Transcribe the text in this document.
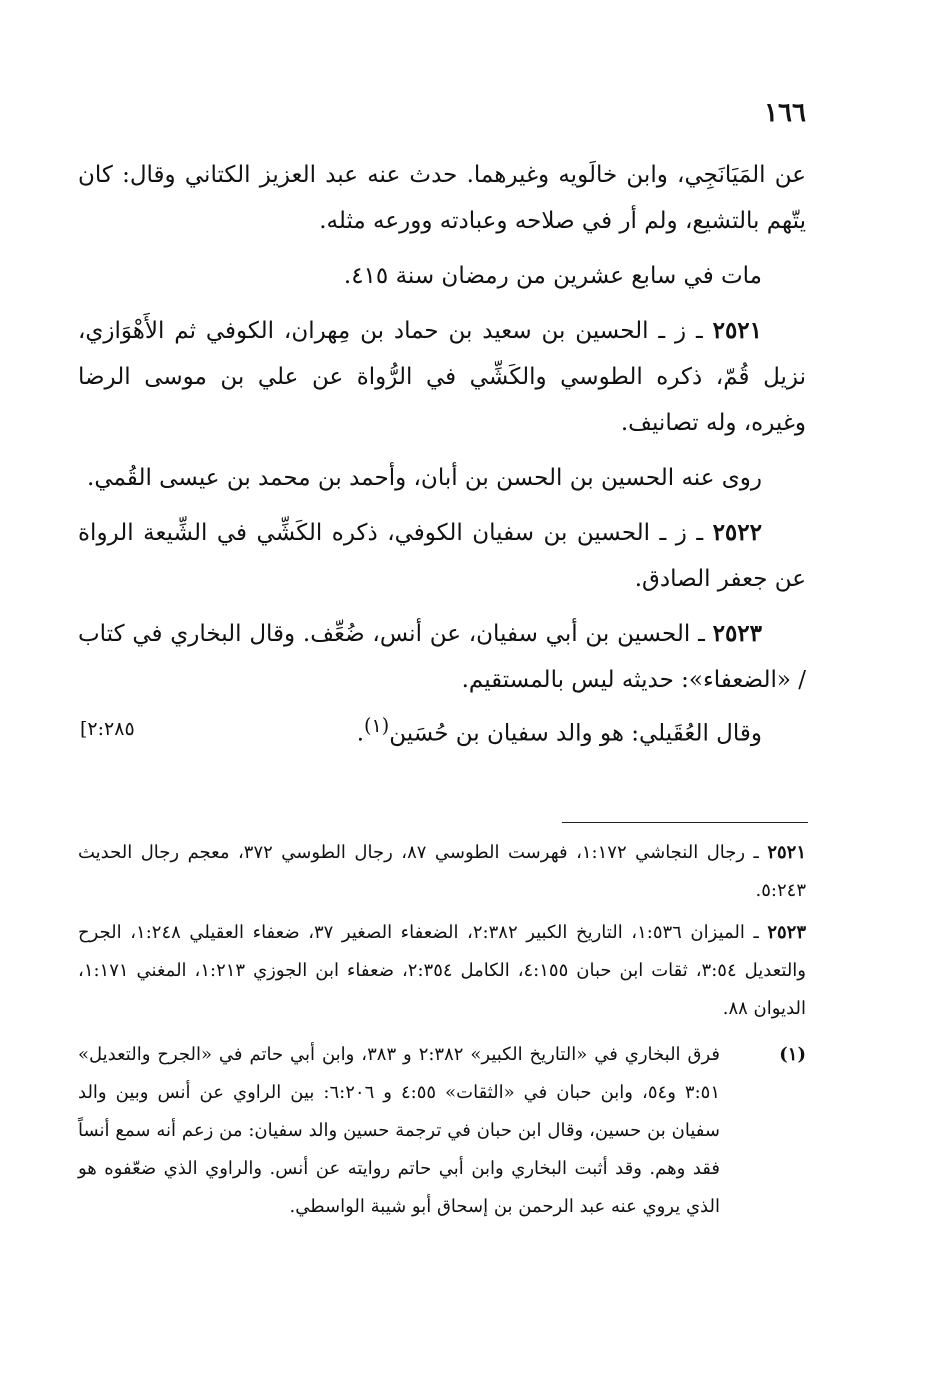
١٦٦

عن المَيَانَجِي، وابن خالَويه وغيرهما. حدث عنه عبد العزيز الكتاني وقال: كان يتّهم بالتشيع، ولم أر في صلاحه وعبادته وورعه مثله.

مات في سابع عشرين من رمضان سنة ٤١٥.

٢٥٢١ ـ ز ـ الحسين بن سعيد بن حماد بن مِهران، الكوفي ثم الأَهْوَازي، نزيل قُمّ، ذكره الطوسي والكَشِّي في الرُّواة عن علي بن موسى الرضا وغيره، وله تصانيف.

روى عنه الحسين بن الحسن بن أبان، وأحمد بن محمد بن عيسى القُمي.

٢٥٢٢ ـ ز ـ الحسين بن سفيان الكوفي، ذكره الكَشِّي في الشِّيعة الرواة عن جعفر الصادق.

٢٥٢٣ ـ الحسين بن أبي سفيان، عن أنس، ضُعِّف. وقال البخاري في كتاب / «الضعفاء»: حديثه ليس بالمستقيم.

وقال العُقَيلي: هو والد سفيان بن حُسَين$^{(١)}$.

[٢:٢٨٥

٢٥٢١ ـ رجال النجاشي ١:١٧٢، فهرست الطوسي ٨٧، رجال الطوسي ٣٧٢، معجم رجال الحديث ٥:٢٤٣.

٢٥٢٣ ـ الميزان ١:٥٣٦، التاريخ الكبير ٢:٣٨٢، الضعفاء الصغير ٣٧، ضعفاء العقيلي ١:٢٤٨، الجرح والتعديل ٣:٥٤، ثقات ابن حبان ٤:١٥٥، الكامل ٢:٣٥٤، ضعفاء ابن الجوزي ١:٢١٣، المغني ١:١٧١، الديوان ٨٨.

(١)
فرق البخاري في «التاريخ الكبير» ٢:٣٨٢ و ٣٨٣، وابن أبي حاتم في «الجرح والتعديل» ٣:٥١ و٥٤، وابن حبان في «الثقات» ٤:٥٥ و ٦:٢٠٦: بين الراوي عن أنس وبين والد سفيان بن حسين، وقال ابن حبان في ترجمة حسين والد سفيان: من زعم أنه سمع أنساً فقد وهم. وقد أثبت البخاري وابن أبي حاتم روايته عن أنس. والراوي الذي ضعّفوه هو الذي يروي عنه عبد الرحمن بن إسحاق أبو شيبة الواسطي.
